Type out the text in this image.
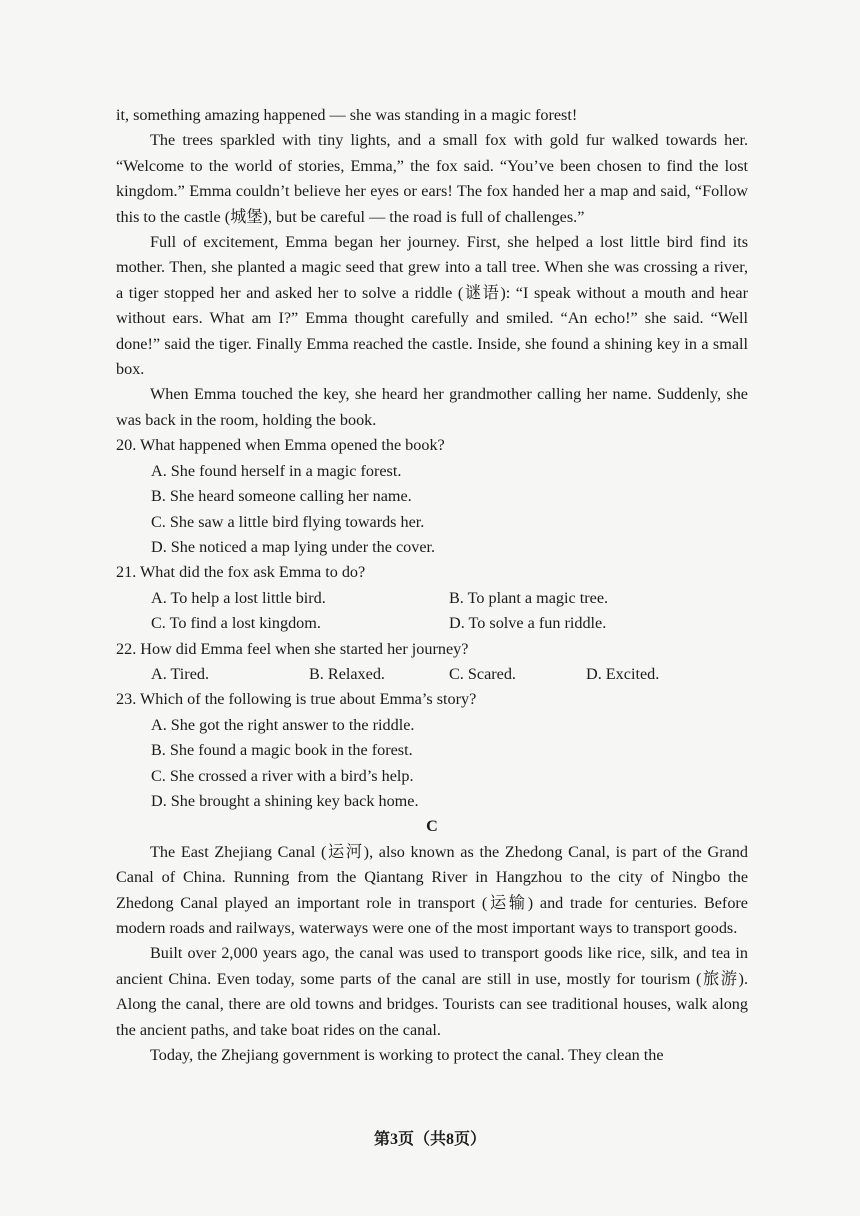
it, something amazing happened — she was standing in a magic forest!

The trees sparkled with tiny lights, and a small fox with gold fur walked towards her. “Welcome to the world of stories, Emma,” the fox said. “You’ve been chosen to find the lost kingdom.” Emma couldn’t believe her eyes or ears! The fox handed her a map and said, “Follow this to the castle (城堡), but be careful — the road is full of challenges.”

Full of excitement, Emma began her journey. First, she helped a lost little bird find its mother. Then, she planted a magic seed that grew into a tall tree. When she was crossing a river, a tiger stopped her and asked her to solve a riddle (谜语): “I speak without a mouth and hear without ears. What am I?” Emma thought carefully and smiled. “An echo!” she said. “Well done!” said the tiger. Finally Emma reached the castle. Inside, she found a shining key in a small box.

When Emma touched the key, she heard her grandmother calling her name. Suddenly, she was back in the room, holding the book.

20. What happened when Emma opened the book?

A. She found herself in a magic forest.
B. She heard someone calling her name.
C. She saw a little bird flying towards her.
D. She noticed a map lying under the cover.

21. What did the fox ask Emma to do?

A. To help a lost little bird.	B. To plant a magic tree.
C. To find a lost kingdom.	D. To solve a fun riddle.

22. How did Emma feel when she started her journey?

A. Tired.	B. Relaxed.	C. Scared.	D. Excited.

23. Which of the following is true about Emma’s story?

A. She got the right answer to the riddle.
B. She found a magic book in the forest.
C. She crossed a river with a bird’s help.
D. She brought a shining key back home.

C

The East Zhejiang Canal (运河), also known as the Zhedong Canal, is part of the Grand Canal of China. Running from the Qiantang River in Hangzhou to the city of Ningbo the Zhedong Canal played an important role in transport (运输) and trade for centuries. Before modern roads and railways, waterways were one of the most important ways to transport goods.

Built over 2,000 years ago, the canal was used to transport goods like rice, silk, and tea in ancient China. Even today, some parts of the canal are still in use, mostly for tourism (旅游). Along the canal, there are old towns and bridges. Tourists can see traditional houses, walk along the ancient paths, and take boat rides on the canal.

Today, the Zhejiang government is working to protect the canal. They clean the

第3页（共8页）
